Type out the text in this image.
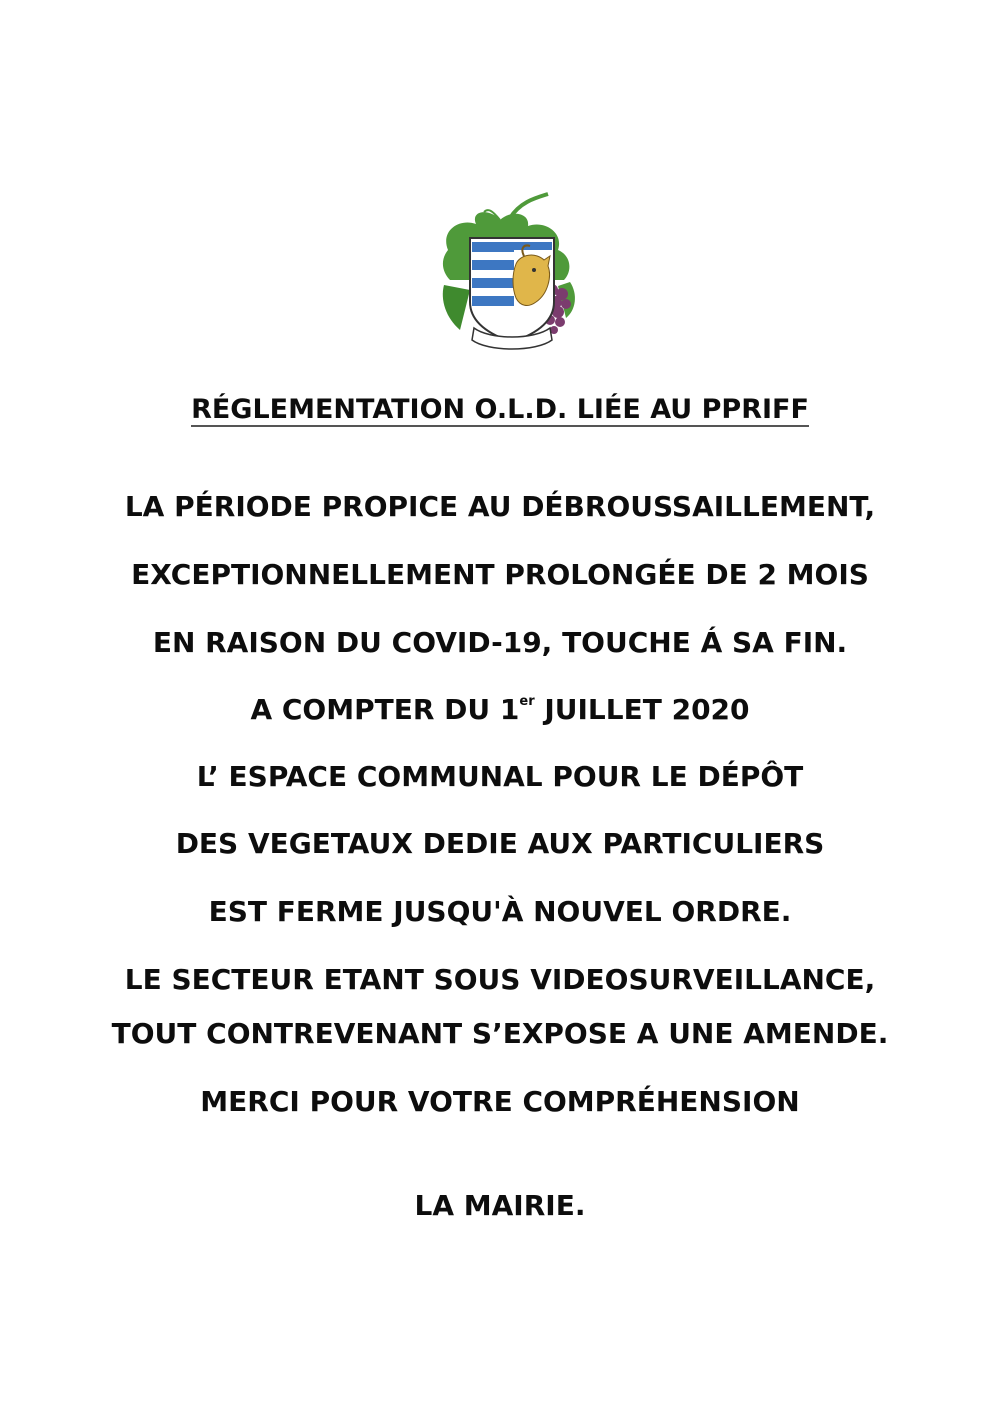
RÉGLEMENTATION O.L.D. LIÉE AU PPRIFF

LA PÉRIODE PROPICE AU DÉBROUSSAILLEMENT,

EXCEPTIONNELLEMENT PROLONGÉE DE 2 MOIS

EN RAISON DU COVID-19, TOUCHE Á SA FIN.

A COMPTER DU 1er JUILLET 2020

L’ ESPACE COMMUNAL POUR LE DÉPÔT

DES VEGETAUX DEDIE AUX PARTICULIERS

EST FERME JUSQU'À NOUVEL ORDRE.

LE SECTEUR ETANT SOUS VIDEOSURVEILLANCE,

TOUT CONTREVENANT S’EXPOSE A UNE AMENDE.

MERCI POUR VOTRE COMPRÉHENSION

LA MAIRIE.
